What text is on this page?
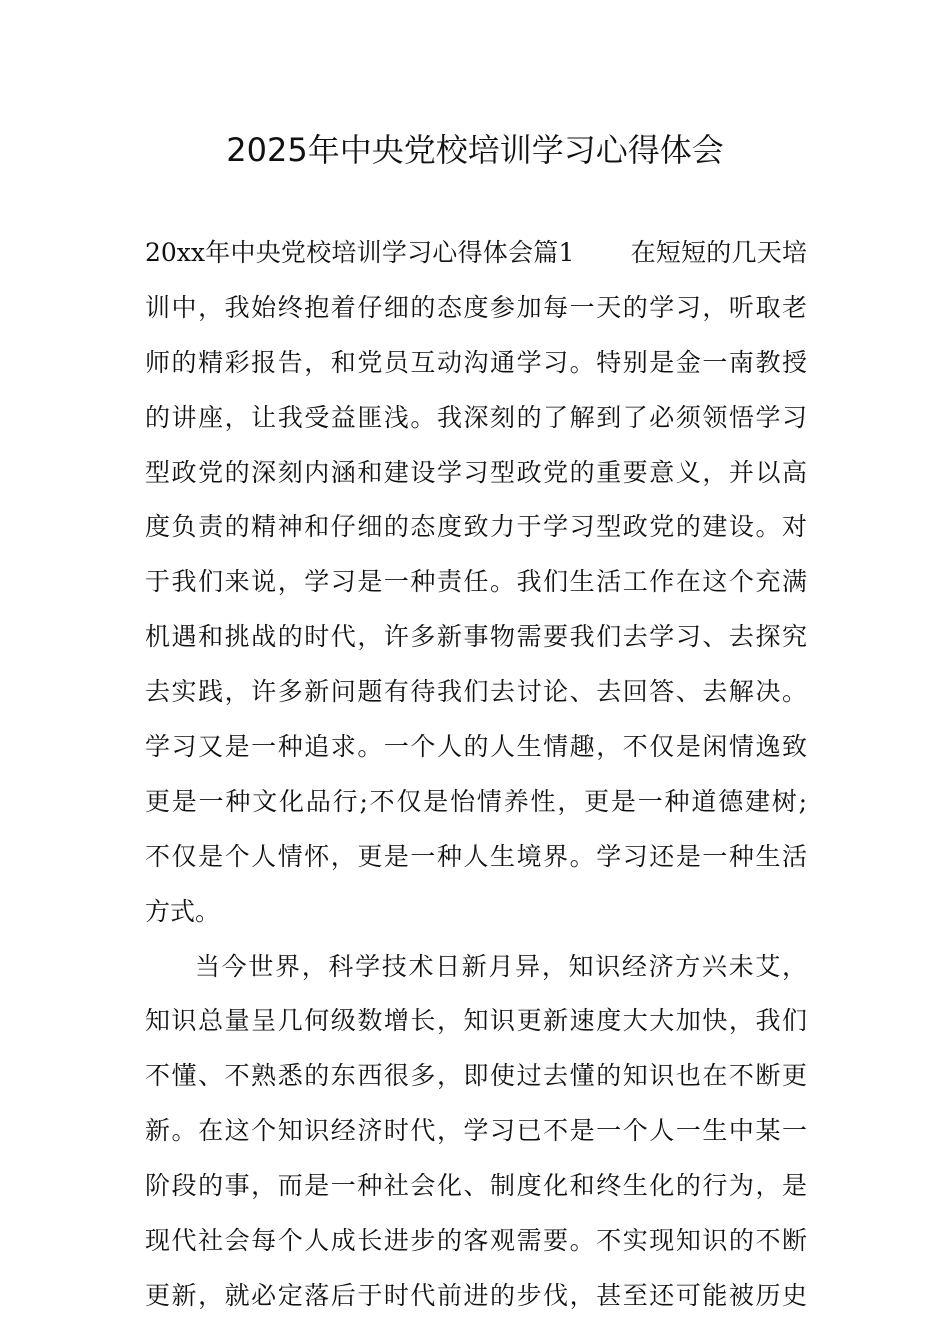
2025年中央党校培训学习心得体会
20xx年中央党校培训学习心得体会篇1 在短短的几天培
训中，我始终抱着仔细的态度参加每一天的学习，听取老
师的精彩报告，和党员互动沟通学习。特别是金一南教授
的讲座，让我受益匪浅。我深刻的了解到了必须领悟学习
型政党的深刻内涵和建设学习型政党的重要意义，并以高
度负责的精神和仔细的态度致力于学习型政党的建设。对
于我们来说，学习是一种责任。我们生活工作在这个充满
机遇和挑战的时代，许多新事物需要我们去学习、去探究
去实践，许多新问题有待我们去讨论、去回答、去解决。
学习又是一种追求。一个人的人生情趣，不仅是闲情逸致
更是一种文化品行;不仅是怡情养性，更是一种道德建树;
不仅是个人情怀，更是一种人生境界。学习还是一种生活
方式。
当今世界，科学技术日新月异，知识经济方兴未艾，
知识总量呈几何级数增长，知识更新速度大大加快，我们
不懂、不熟悉的东西很多，即使过去懂的知识也在不断更
新。在这个知识经济时代，学习已不是一个人一生中某一
阶段的事，而是一种社会化、制度化和终生化的行为，是
现代社会每个人成长进步的客观需要。不实现知识的不断
更新，就必定落后于时代前进的步伐，甚至还可能被历史
